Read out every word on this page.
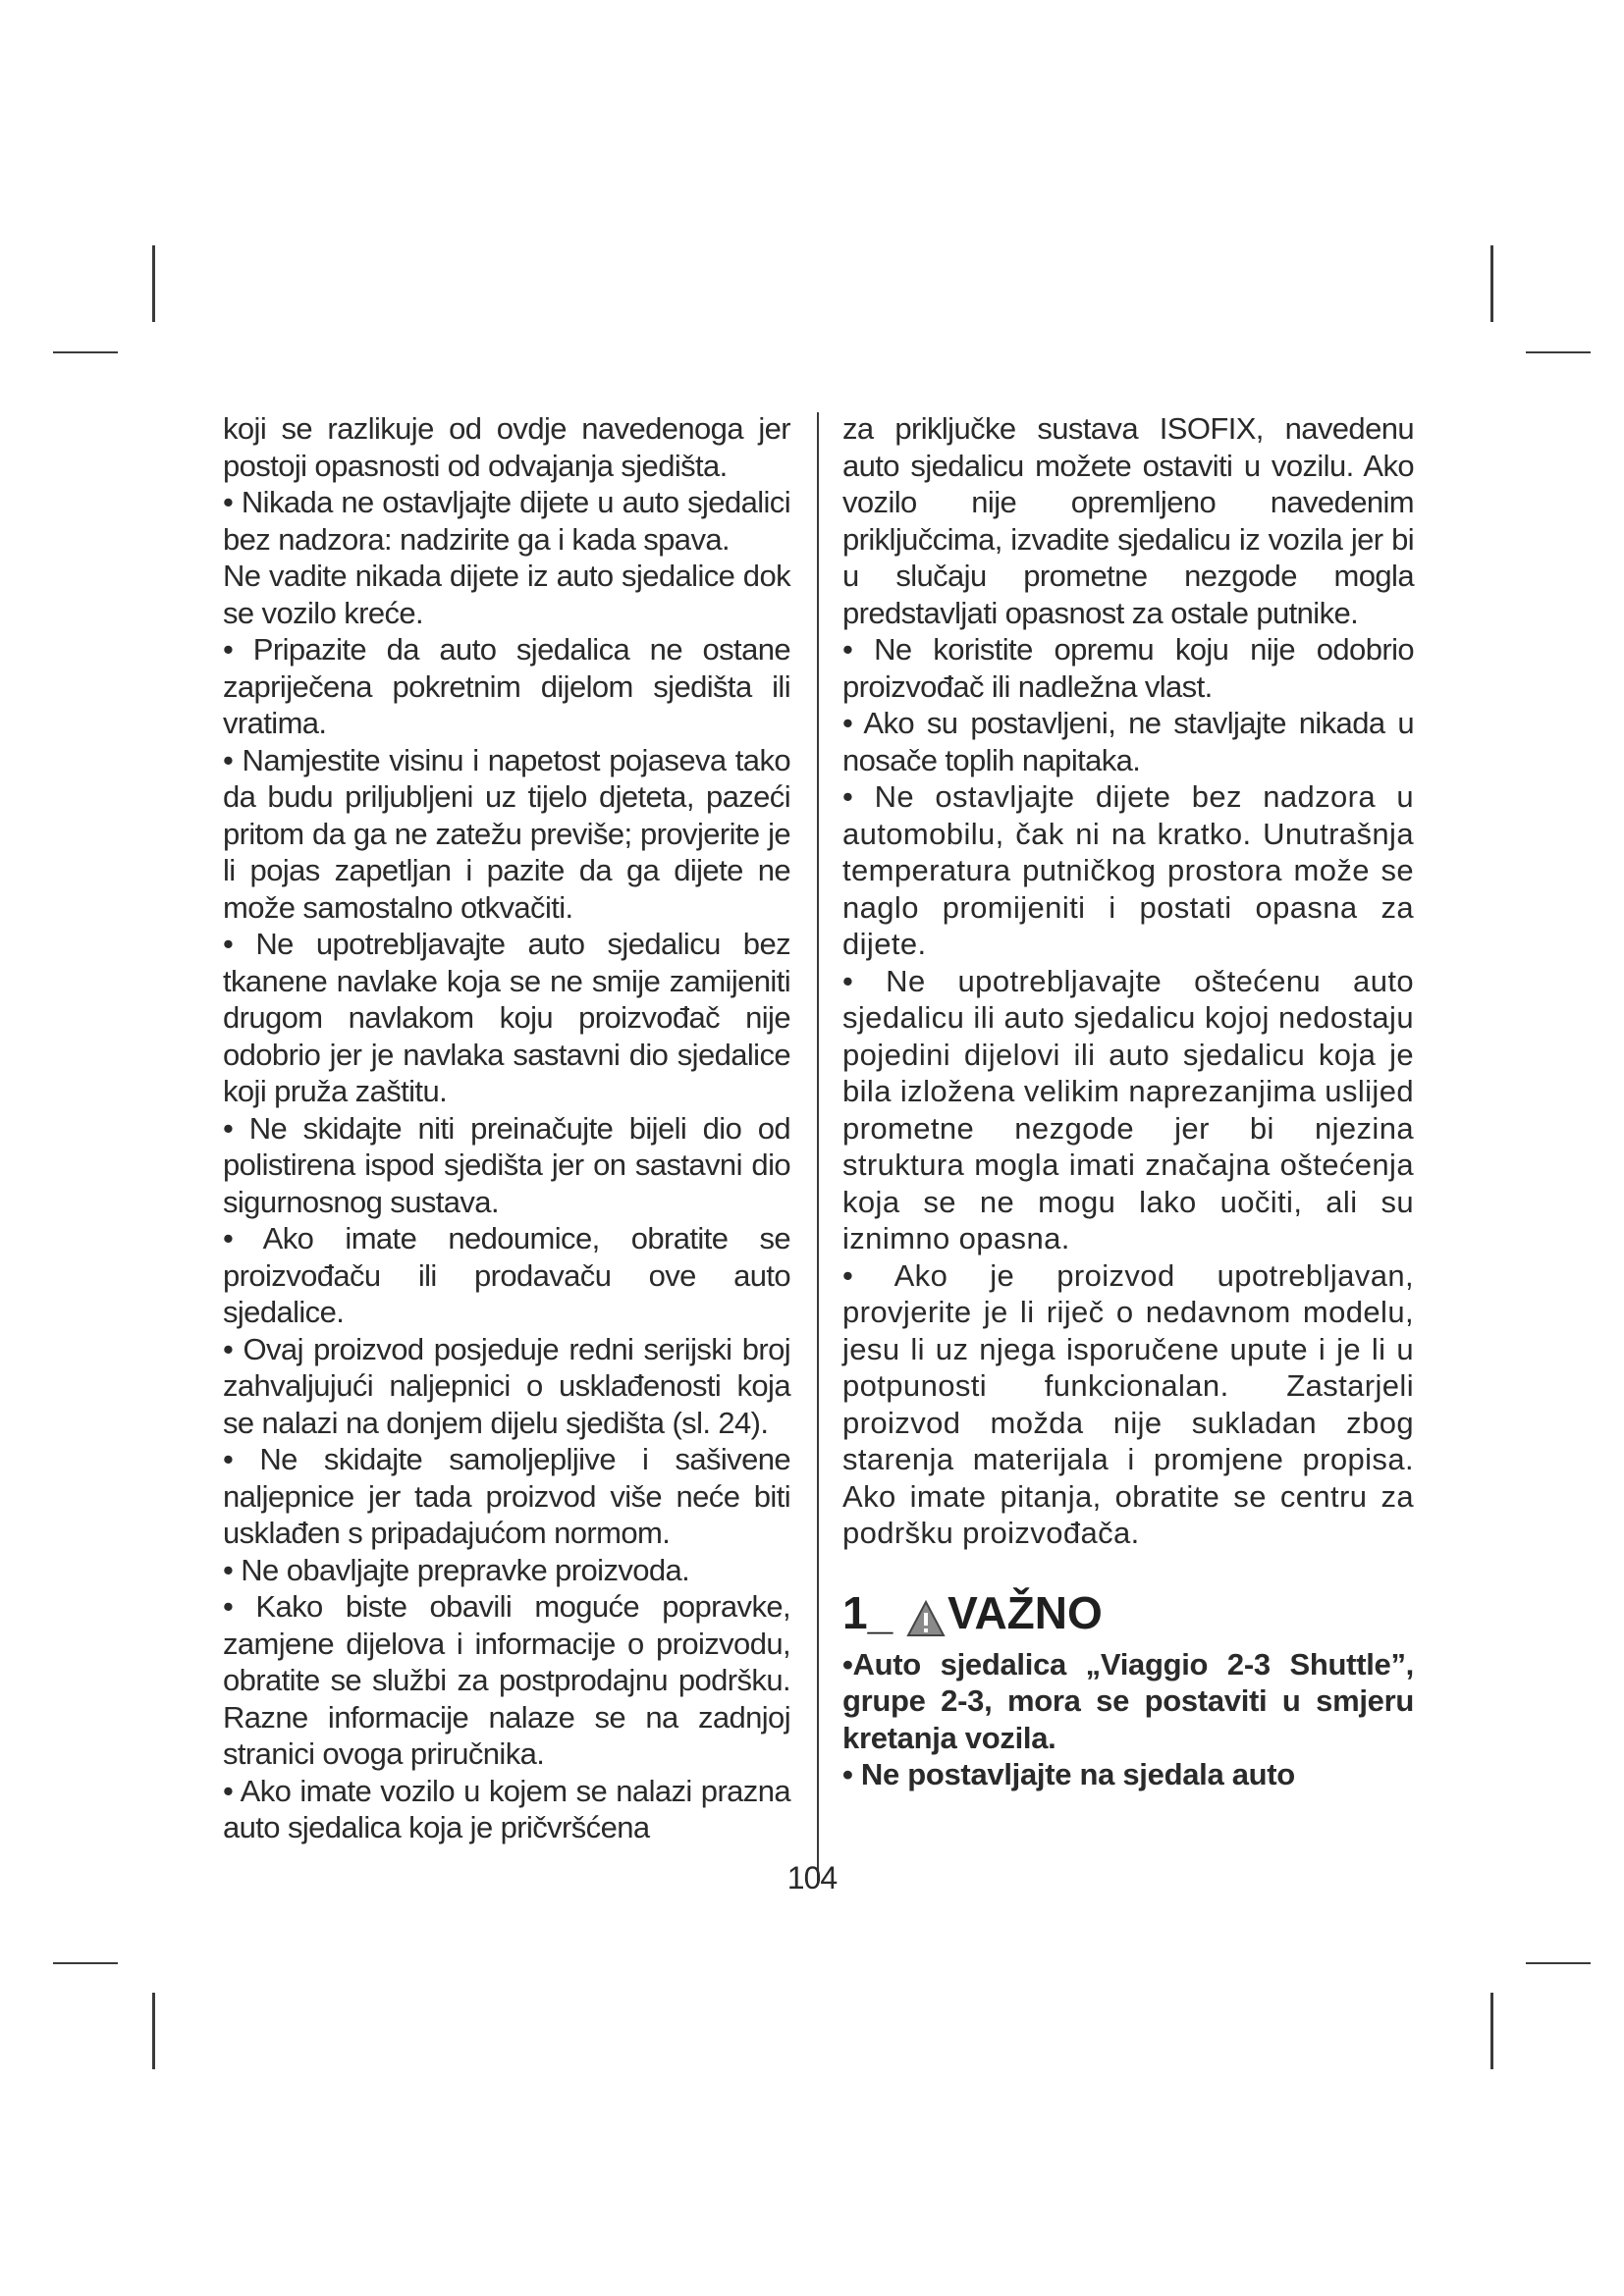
koji se razlikuje od ovdje navedenoga jer postoji opasnosti od odvajanja sjedišta.

• Nikada ne ostavljajte dijete u auto sjedalici bez nadzora: nadzirite ga i kada spava.

Ne vadite nikada dijete iz auto sjedalice dok se vozilo kreće.

• Pripazite da auto sjedalica ne ostane zapriječena pokretnim dijelom sjedišta ili vratima.

• Namjestite visinu i napetost pojaseva tako da budu priljubljeni uz tijelo djeteta, pazeći pritom da ga ne zatežu previše; provjerite je li pojas zapetljan i pazite da ga dijete ne može samostalno otkvačiti.

• Ne upotrebljavajte auto sjedalicu bez tkanene navlake koja se ne smije zamijeniti drugom navlakom koju proizvođač nije odobrio jer je navlaka sastavni dio sjedalice koji pruža zaštitu.

• Ne skidajte niti preinačujte bijeli dio od polistirena ispod sjedišta jer on sastavni dio sigurnosnog sustava.

• Ako imate nedoumice, obratite se proizvođaču ili prodavaču ove auto sjedalice.

• Ovaj proizvod posjeduje redni serijski broj zahvaljujući naljepnici o usklađenosti koja se nalazi na donjem dijelu sjedišta (sl. 24).

• Ne skidajte samoljepljive i sašivene naljepnice jer tada proizvod više neće biti usklađen s pripadajućom normom.

• Ne obavljajte prepravke proizvoda.

• Kako biste obavili moguće popravke, zamjene dijelova i informacije o proizvodu, obratite se službi za postprodajnu podršku. Razne informacije nalaze se na zadnjoj stranici ovoga priručnika.

• Ako imate vozilo u kojem se nalazi prazna auto sjedalica koja je pričvršćena

za priključke sustava ISOFIX, navedenu auto sjedalicu možete ostaviti u vozilu. Ako vozilo nije opremljeno navedenim priključcima, izvadite sjedalicu iz vozila jer bi u slučaju prometne nezgode mogla predstavljati opasnost za ostale putnike.

• Ne koristite opremu koju nije odobrio proizvođač ili nadležna vlast.

• Ako su postavljeni, ne stavljajte nikada u nosače toplih napitaka.

• Ne ostavljajte dijete bez nadzora u automobilu, čak ni na kratko. Unutrašnja temperatura putničkog prostora može se naglo promijeniti i postati opasna za dijete.

• Ne upotrebljavajte oštećenu auto sjedalicu ili auto sjedalicu kojoj nedostaju pojedini dijelovi ili auto sjedalicu koja je bila izložena velikim naprezanjima uslijed prometne nezgode jer bi njezina struktura mogla imati značajna oštećenja koja se ne mogu lako uočiti, ali su iznimno opasna.

• Ako je proizvod upotrebljavan, provjerite je li riječ o nedavnom modelu, jesu li uz njega isporučene upute i je li u potpunosti funkcionalan. Zastarjeli proizvod možda nije sukladan zbog starenja materijala i promjene propisa. Ako imate pitanja, obratite se centru za podršku proizvođača.

1_ VAŽNO

•Auto sjedalica „Viaggio 2-3 Shuttle”, grupe 2-3, mora se postaviti u smjeru kretanja vozila.

• Ne postavljajte na sjedala auto

104
